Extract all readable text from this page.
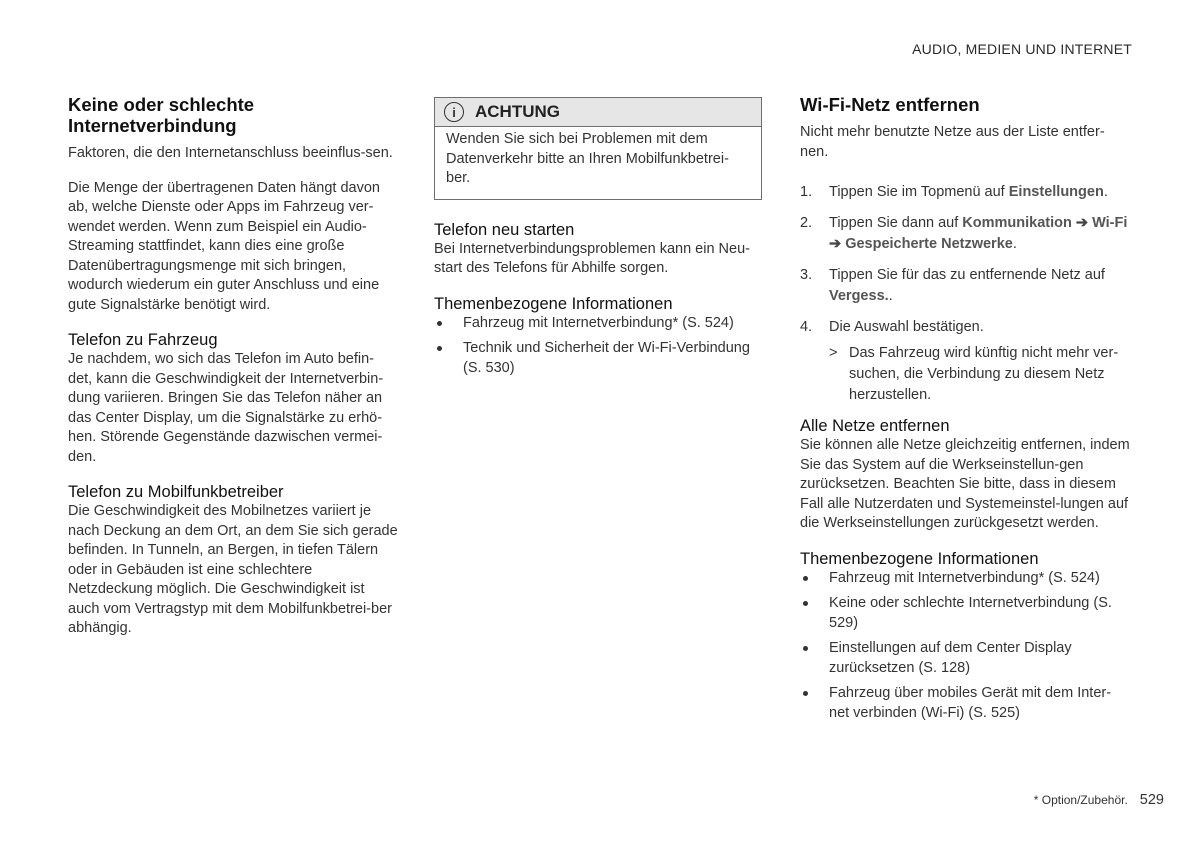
AUDIO, MEDIEN UND INTERNET
Keine oder schlechte Internetverbindung

Faktoren, die den Internetanschluss beeinflus-sen.

Die Menge der übertragenen Daten hängt davon ab, welche Dienste oder Apps im Fahrzeug ver-wendet werden. Wenn zum Beispiel ein Audio-Streaming stattfindet, kann dies eine große Datenübertragungsmenge mit sich bringen, wodurch wiederum ein guter Anschluss und eine gute Signalstärke benötigt wird.

Telefon zu Fahrzeug

Je nachdem, wo sich das Telefon im Auto befin-det, kann die Geschwindigkeit der Internetverbin-dung variieren. Bringen Sie das Telefon näher an das Center Display, um die Signalstärke zu erhö-hen. Störende Gegenstände dazwischen vermei-den.

Telefon zu Mobilfunkbetreiber

Die Geschwindigkeit des Mobilnetzes variiert je nach Deckung an dem Ort, an dem Sie sich gerade befinden. In Tunneln, an Bergen, in tiefen Tälern oder in Gebäuden ist eine schlechtere Netzdeckung möglich. Die Geschwindigkeit ist auch vom Vertragstyp mit dem Mobilfunkbetrei-ber abhängig.

i	ACHTUNG

Wenden Sie sich bei Problemen mit dem Datenverkehr bitte an Ihren Mobilfunkbetrei-ber.

Telefon neu starten

Bei Internetverbindungsproblemen kann ein Neu-start des Telefons für Abhilfe sorgen.

Themenbezogene Informationen
Fahrzeug mit Internetverbindung* (S. 524)
Technik und Sicherheit der Wi-Fi-Verbindung (S. 530)
Wi-Fi-Netz entfernen

Nicht mehr benutzte Netze aus der Liste entfer-nen.

1. Tippen Sie im Topmenü auf Einstellungen.
2. Tippen Sie dann auf Kommunikation ➔ Wi-Fi ➔ Gespeicherte Netzwerke.
3. Tippen Sie für das zu entfernende Netz auf Vergess..
4. Die Auswahl bestätigen.
> Das Fahrzeug wird künftig nicht mehr ver-suchen, die Verbindung zu diesem Netz herzustellen.
Alle Netze entfernen

Sie können alle Netze gleichzeitig entfernen, indem Sie das System auf die Werkseinstellun-gen zurücksetzen. Beachten Sie bitte, dass in diesem Fall alle Nutzerdaten und Systemeinstel-lungen auf die Werkseinstellungen zurückgesetzt werden.

Themenbezogene Informationen
Fahrzeug mit Internetverbindung* (S. 524)
Keine oder schlechte Internetverbindung (S. 529)
Einstellungen auf dem Center Display zurücksetzen (S. 128)
Fahrzeug über mobiles Gerät mit dem Inter-net verbinden (Wi-Fi) (S. 525)
* Option/Zubehör. 529
